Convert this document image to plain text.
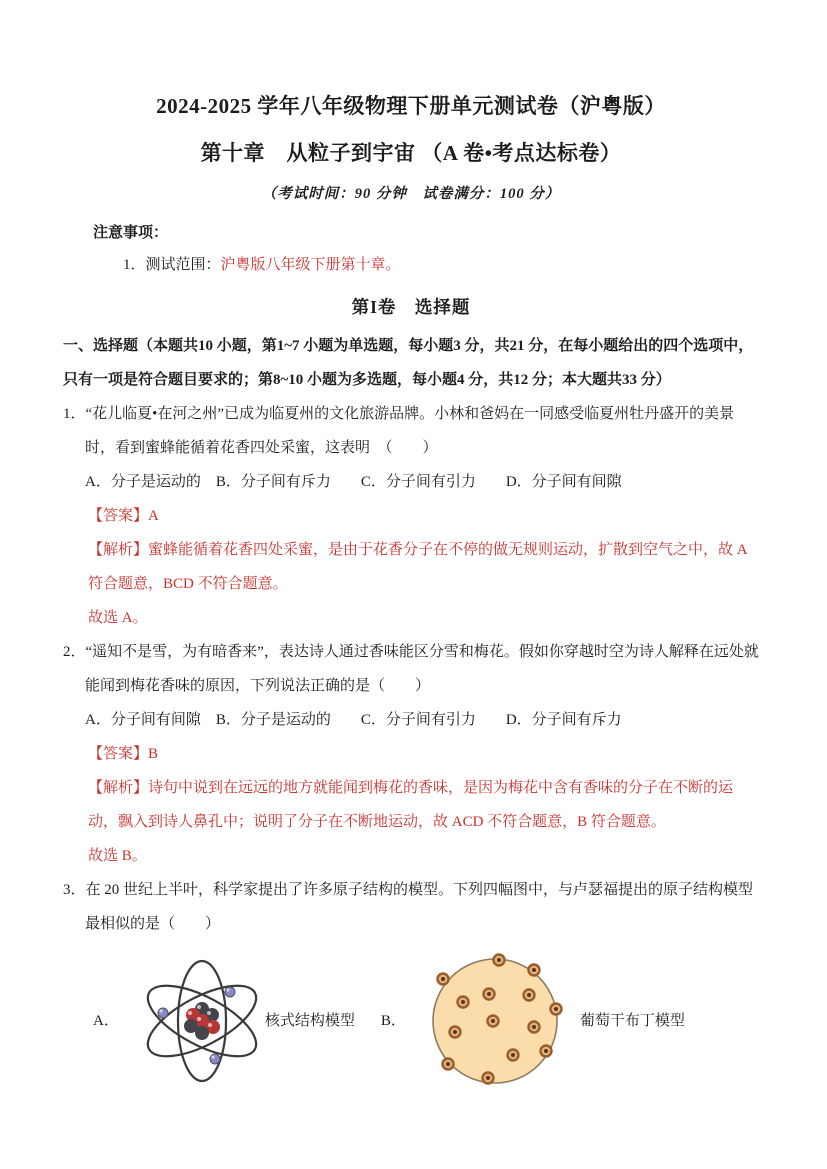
2024-2025 学年八年级物理下册单元测试卷（沪粤版）
第十章　从粒子到宇宙 （A 卷•考点达标卷）
（考试时间：90 分钟　试卷满分：100 分）
注意事项：
1．测试范围：沪粤版八年级下册第十章。
第I卷　选择题

一、选择题（本题共10 小题，第1~7 小题为单选题，每小题3 分，共21 分，在每小题给出的四个选项中，只有一项是符合题目要求的；第8~10 小题为多选题，每小题4 分，共12 分；本大题共33 分）

1．“花儿临夏•在河之州”已成为临夏州的文化旅游品牌。小林和爸妈在一同感受临夏州牡丹盛开的美景 时，看到蜜蜂能循着花香四处采蜜，这表明　（　　）

A．分子是运动的　B．分子间有斥力　　C．分子间有引力　　D．分子间有间隙

【答案】A

【解析】蜜蜂能循着花香四处采蜜，是由于花香分子在不停的做无规则运动，扩散到空气之中，故 A 符合题意，BCD 不符合题意。

故选 A。

2．“遥知不是雪，为有暗香来”，表达诗人通过香味能区分雪和梅花。假如你穿越时空为诗人解释在远处就能闻到梅花香味的原因，下列说法正确的是（　　）

A．分子间有间隙　B．分子是运动的　　C．分子间有引力　　D．分子间有斥力

【答案】B

【解析】诗句中说到在远远的地方就能闻到梅花的香味，是因为梅花中含有香味的分子在不断的运动，飘入到诗人鼻孔中；说明了分子在不断地运动，故 ACD 不符合题意，B 符合题意。

故选 B。

3．在 20 世纪上半叶，科学家提出了许多原子结构的模型。下列四幅图中，与卢瑟福提出的原子结构模型最相似的是（　　）

A．	核式结构模型 B．	葡萄干布丁模型
